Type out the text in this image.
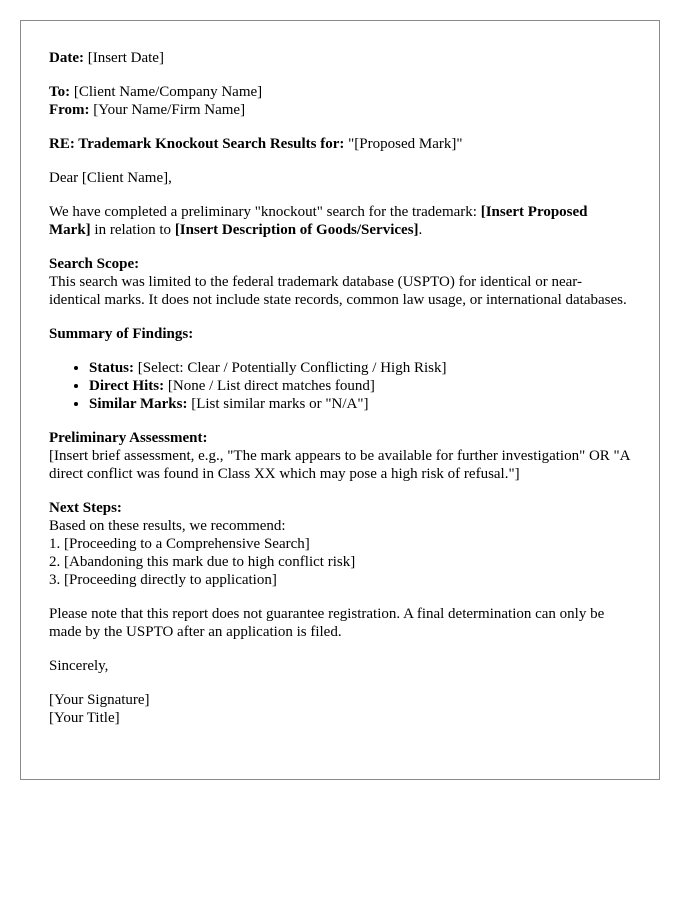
Date: [Insert Date]

To: [Client Name/Company Name]
From: [Your Name/Firm Name]

RE: Trademark Knockout Search Results for: "[Proposed Mark]"

Dear [Client Name],

We have completed a preliminary "knockout" search for the trademark: [Insert Proposed Mark] in relation to [Insert Description of Goods/Services].

Search Scope:
This search was limited to the federal trademark database (USPTO) for identical or near-identical marks. It does not include state records, common law usage, or international databases.

Summary of Findings:

• Status: [Select: Clear / Potentially Conflicting / High Risk]
• Direct Hits: [None / List direct matches found]
• Similar Marks: [List similar marks or "N/A"]
Preliminary Assessment:
[Insert brief assessment, e.g., "The mark appears to be available for further investigation" OR "A direct conflict was found in Class XX which may pose a high risk of refusal."]
Next Steps:
Based on these results, we recommend:
1. [Proceeding to a Comprehensive Search]
2. [Abandoning this mark due to high conflict risk]
3. [Proceeding directly to application]

Please note that this report does not guarantee registration. A final determination can only be made by the USPTO after an application is filed.

Sincerely,

[Your Signature]
[Your Title]
